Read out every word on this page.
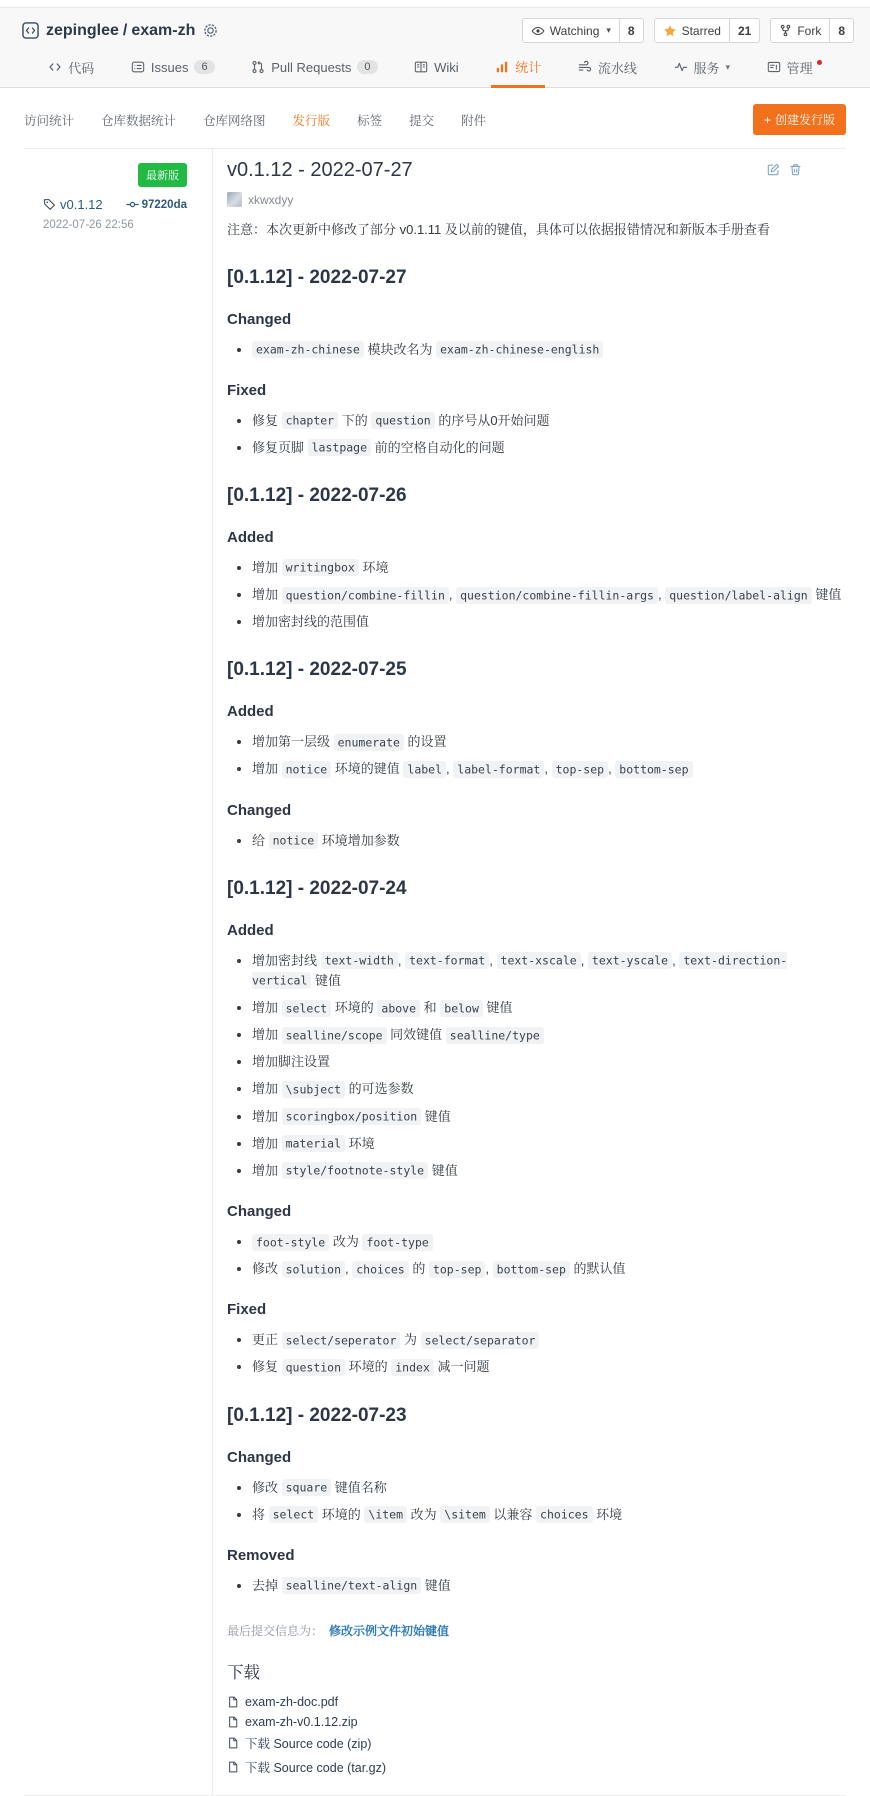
zepinglee / exam-zh	Watching ▾	8	Starred	21	Fork	8
代码	Issues	6	Pull Requests	0	Wiki	统计	流水线	服务 ▾	管理
访问统计 仓库数据统计 仓库网络图 发行版 标签 提交 附件	+ 创建发行版
最新版
v0.1.12	97220da
2022-07-26 22:56
v0.1.12 - 2022-07-27
xkwxdyy

注意：本次更新中修改了部分 v0.1.11 及以前的键值，具体可以依据报错情况和新版本手册查看

[0.1.12] - 2022-07-27
Changed
• exam-zh-chinese 模块改名为 exam-zh-chinese-english
Fixed
• 修复 chapter 下的 question 的序号从0开始问题
• 修复页脚 lastpage 前的空格自动化的问题
[0.1.12] - 2022-07-26
Added
• 增加 writingbox 环境
• 增加 question/combine-fillin , question/combine-fillin-args , question/label-align 键值
• 增加密封线的范围值
[0.1.12] - 2022-07-25
Added
• 增加第一层级 enumerate 的设置
• 增加 notice 环境的键值 label , label-format , top-sep , bottom-sep
Changed
• 给 notice 环境增加参数
[0.1.12] - 2022-07-24
Added
• 增加密封线 text-width , text-format , text-xscale , text-yscale , text-direction-vertical 键值
• 增加 select 环境的 above 和 below 键值
• 增加 sealline/scope 同效键值 sealline/type
• 增加脚注设置
• 增加 \subject 的可选参数
• 增加 scoringbox/position 键值
• 增加 material 环境
• 增加 style/footnote-style 键值
Changed
• foot-style 改为 foot-type
• 修改 solution , choices 的 top-sep , bottom-sep 的默认值
Fixed
• 更正 select/seperator 为 select/separator
• 修复 question 环境的 index 减一问题
[0.1.12] - 2022-07-23
Changed
• 修改 square 键值名称
• 将 select 环境的 \item 改为 \sitem 以兼容 choices 环境
Removed
• 去掉 sealline/text-align 键值
最后提交信息为： 修改示例文件初始键值
下载
exam-zh-doc.pdf
exam-zh-v0.1.12.zip
下载 Source code (zip)
下载 Source code (tar.gz)
